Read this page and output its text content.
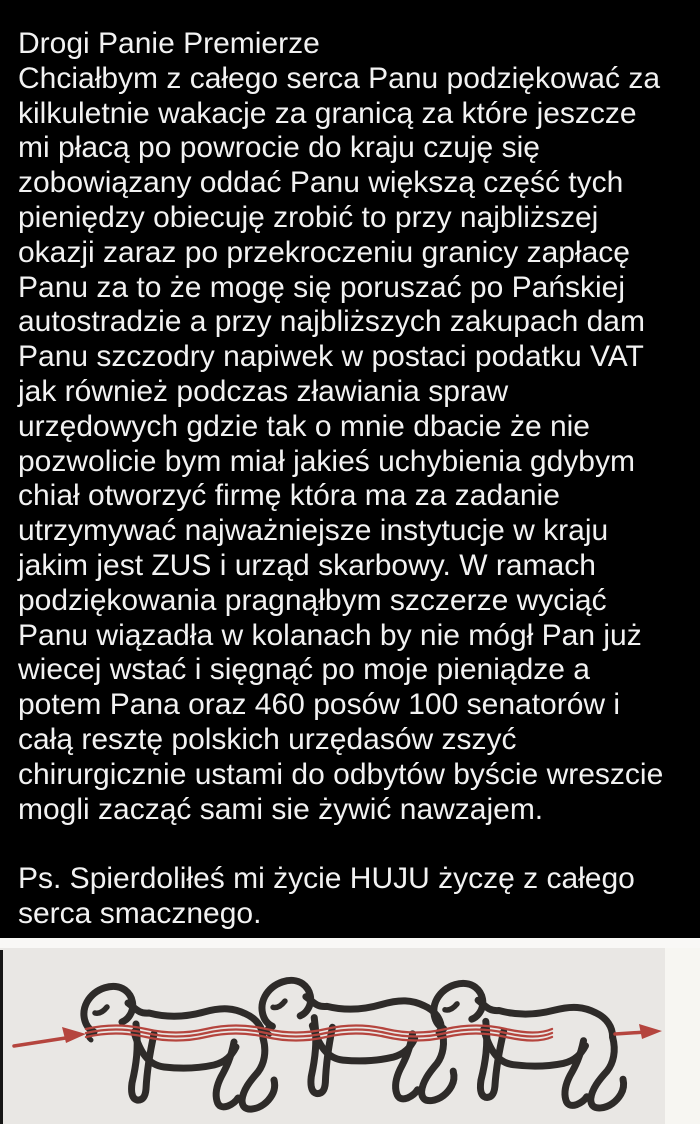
Drogi Panie Premierze
Chciałbym z całego serca Panu podziękować za
kilkuletnie wakacje za granicą za które jeszcze
mi płacą po powrocie do kraju czuję się
zobowiązany oddać Panu większą część tych
pieniędzy obiecuję zrobić to przy najbliższej
okazji zaraz po przekroczeniu granicy zapłacę
Panu za to że mogę się poruszać po Pańskiej
autostradzie a przy najbliższych zakupach dam
Panu szczodry napiwek w postaci podatku VAT
jak również podczas zławiania spraw
urzędowych gdzie tak o mnie dbacie że nie
pozwolicie bym miał jakieś uchybienia gdybym
chiał otworzyć firmę która ma za zadanie
utrzymywać najważniejsze instytucje w kraju
jakim jest ZUS i urząd skarbowy. W ramach
podziękowania pragnąłbym szczerze wyciąć
Panu wiązadła w kolanach by nie mógł Pan już
wiecej wstać i sięgnąć po moje pieniądze a
potem Pana oraz 460 posów 100 senatorów i
całą resztę polskich urzędasów zszyć
chirurgicznie ustami do odbytów byście wreszcie
mogli zacząć sami sie żywić nawzajem.
Ps. Spierdoliłeś mi życie HUJU życzę z całego
serca smacznego.
